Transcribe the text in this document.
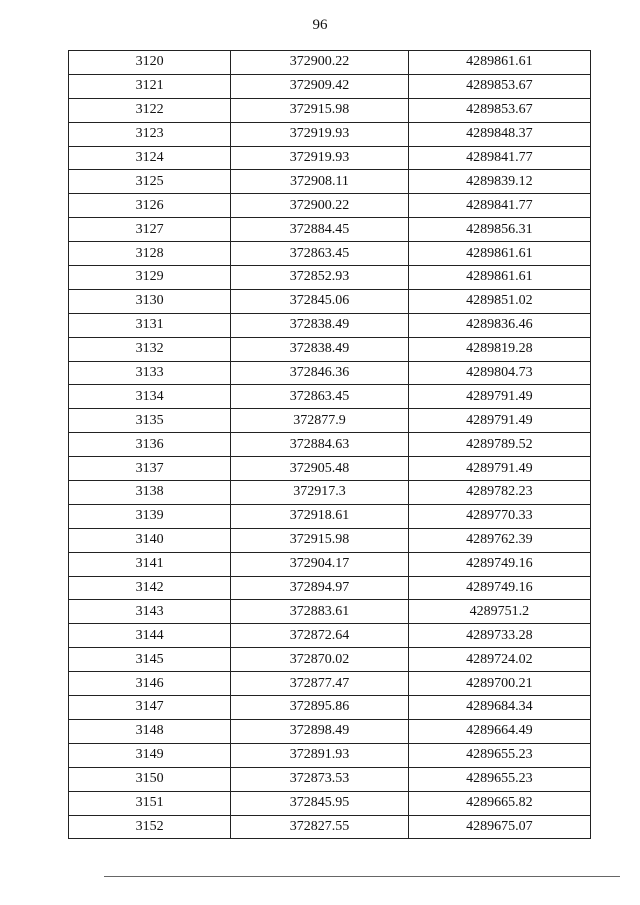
96
3120	372900.22	4289861.61
3121	372909.42	4289853.67
3122	372915.98	4289853.67
3123	372919.93	4289848.37
3124	372919.93	4289841.77
3125	372908.11	4289839.12
3126	372900.22	4289841.77
3127	372884.45	4289856.31
3128	372863.45	4289861.61
3129	372852.93	4289861.61
3130	372845.06	4289851.02
3131	372838.49	4289836.46
3132	372838.49	4289819.28
3133	372846.36	4289804.73
3134	372863.45	4289791.49
3135	372877.9	4289791.49
3136	372884.63	4289789.52
3137	372905.48	4289791.49
3138	372917.3	4289782.23
3139	372918.61	4289770.33
3140	372915.98	4289762.39
3141	372904.17	4289749.16
3142	372894.97	4289749.16
3143	372883.61	4289751.2
3144	372872.64	4289733.28
3145	372870.02	4289724.02
3146	372877.47	4289700.21
3147	372895.86	4289684.34
3148	372898.49	4289664.49
3149	372891.93	4289655.23
3150	372873.53	4289655.23
3151	372845.95	4289665.82
3152	372827.55	4289675.07
